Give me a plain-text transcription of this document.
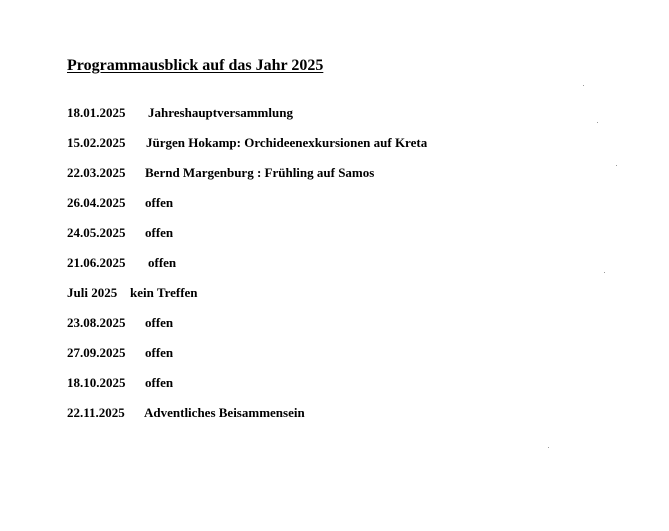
Programmausblick auf das Jahr 2025
18.01.2025 Jahreshauptversammlung
15.02.2025 Jürgen Hokamp: Orchideenexkursionen auf Kreta
22.03.2025 Bernd Margenburg : Frühling auf Samos
26.04.2025 offen
24.05.2025 offen
21.06.2025 offen
Juli 2025 kein Treffen
23.08.2025 offen
27.09.2025 offen
18.10.2025 offen
22.11.2025 Adventliches Beisammensein
